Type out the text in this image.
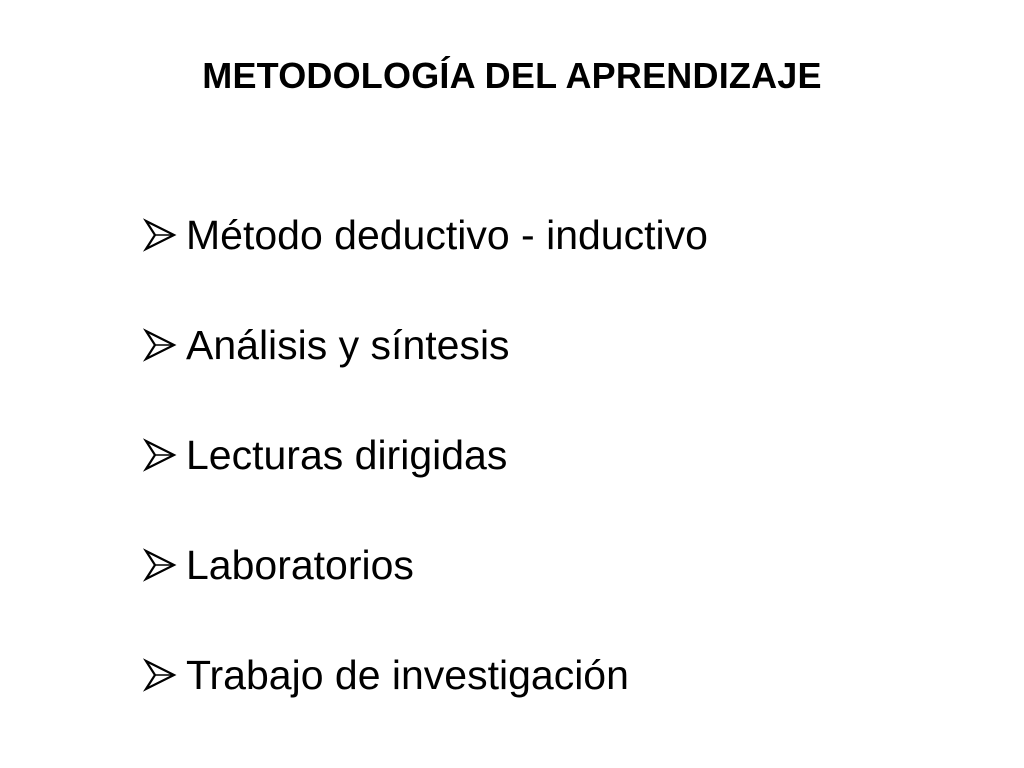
METODOLOGÍA DEL APRENDIZAJE
Método deductivo - inductivo
Análisis y síntesis
Lecturas dirigidas
Laboratorios
Trabajo de investigación
